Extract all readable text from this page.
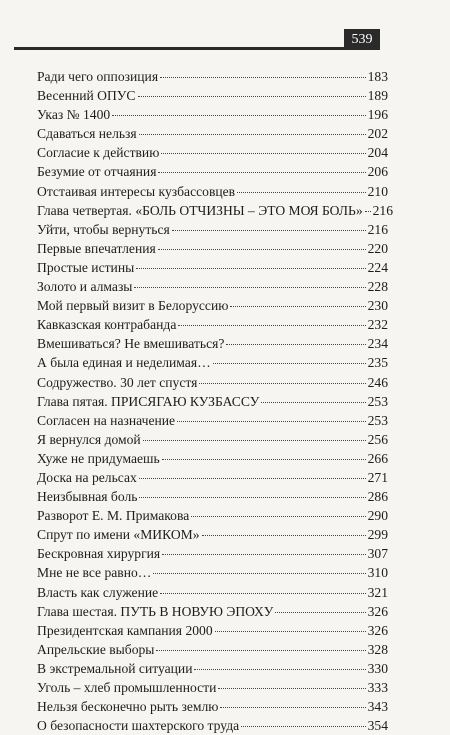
539
Ради чего оппозиция	183
Весенний ОПУС	189
Указ № 1400	196
Сдаваться нельзя	202
Согласие к действию	204
Безумие от отчаяния	206
Отстаивая интересы кузбассовцев	210
Глава четвертая. «БОЛЬ ОТЧИЗНЫ – ЭТО МОЯ БОЛЬ» 216
Уйти, чтобы вернуться	216
Первые впечатления	220
Простые истины	224
Золото и алмазы	228
Мой первый визит в Белоруссию	230
Кавказская контрабанда	232
Вмешиваться? Не вмешиваться?	234
А была единая и неделимая…	235
Содружество. 30 лет спустя	246
Глава пятая. ПРИСЯГАЮ КУЗБАССУ	253
Согласен на назначение	253
Я вернулся домой	256
Хуже не придумаешь	266
Доска на рельсах	271
Неизбывная боль	286
Разворот Е. М. Примакова	290
Спрут по имени «МИКОМ»	299
Бескровная хирургия	307
Мне не все равно…	310
Власть как служение	321
Глава шестая. ПУТЬ В НОВУЮ ЭПОХУ	326
Президентская кампания 2000	326
Апрельские выборы	328
В экстремальной ситуации	330
Уголь – хлеб промышленности	333
Нельзя бесконечно рыть землю	343
О безопасности шахтерского труда	354
